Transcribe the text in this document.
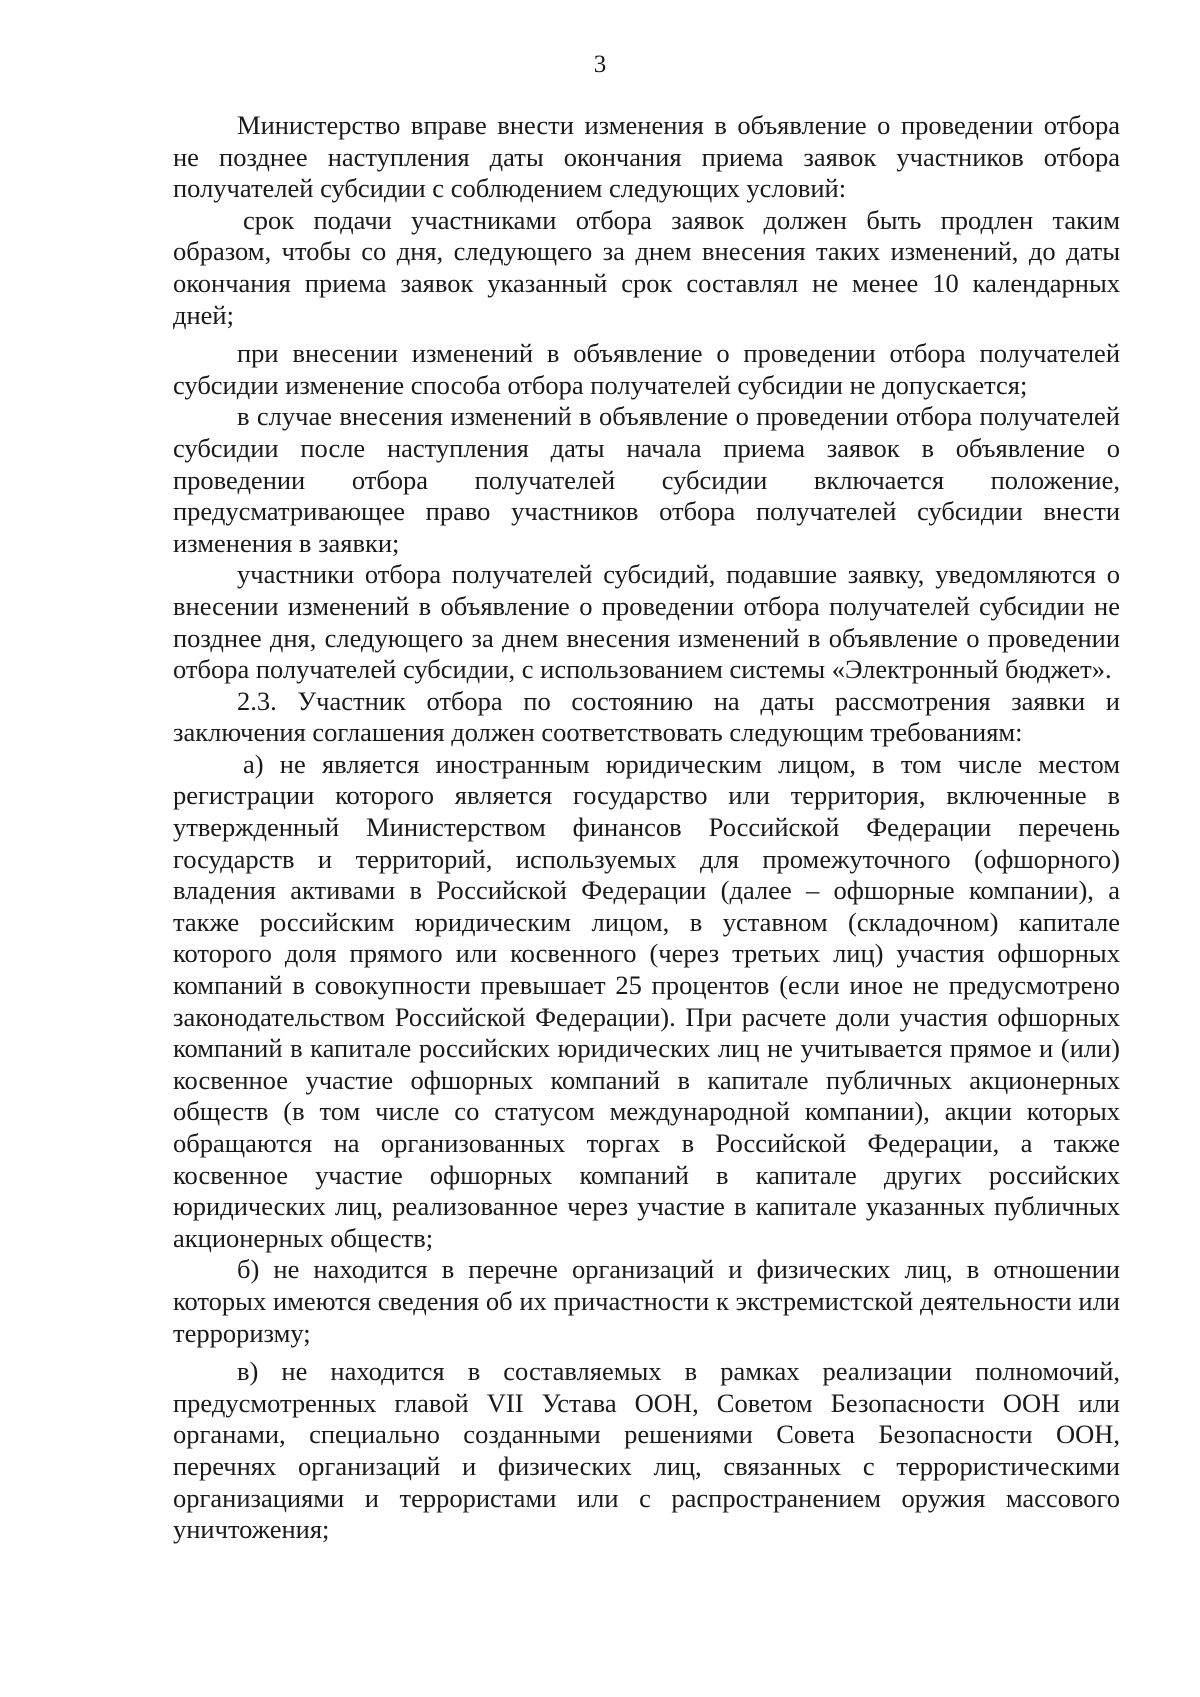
3

Министерство вправе внести изменения в объявление о проведении отбора не позднее наступления даты окончания приема заявок участников отбора получателей субсидии с соблюдением следующих условий:

срок подачи участниками отбора заявок должен быть продлен таким образом, чтобы со дня, следующего за днем внесения таких изменений, до даты окончания приема заявок указанный срок составлял не менее 10 календарных дней;

при внесении изменений в объявление о проведении отбора получателей субсидии изменение способа отбора получателей субсидии не допускается;

в случае внесения изменений в объявление о проведении отбора получателей субсидии после наступления даты начала приема заявок в объявление о проведении отбора получателей субсидии включается положение, предусматривающее право участников отбора получателей субсидии внести изменения в заявки;

участники отбора получателей субсидий, подавшие заявку, уведомляются о внесении изменений в объявление о проведении отбора получателей субсидии не позднее дня, следующего за днем внесения изменений в объявление о проведении отбора получателей субсидии, с использованием системы «Электронный бюджет».

2.3. Участник отбора по состоянию на даты рассмотрения заявки и заключения соглашения должен соответствовать следующим требованиям:

а) не является иностранным юридическим лицом, в том числе местом регистрации которого является государство или территория, включенные в утвержденный Министерством финансов Российской Федерации перечень государств и территорий, используемых для промежуточного (офшорного) владения активами в Российской Федерации (далее – офшорные компании), а также российским юридическим лицом, в уставном (складочном) капитале которого доля прямого или косвенного (через третьих лиц) участия офшорных компаний в совокупности превышает 25 процентов (если иное не предусмотрено законодательством Российской Федерации). При расчете доли участия офшорных компаний в капитале российских юридических лиц не учитывается прямое и (или) косвенное участие офшорных компаний в капитале публичных акционерных обществ (в том числе со статусом международной компании), акции которых обращаются на организованных торгах в Российской Федерации, а также косвенное участие офшорных компаний в капитале других российских юридических лиц, реализованное через участие в капитале указанных публичных акционерных обществ;

б) не находится в перечне организаций и физических лиц, в отношении которых имеются сведения об их причастности к экстремистской деятельности или терроризму;

в) не находится в составляемых в рамках реализации полномочий, предусмотренных главой VII Устава ООН, Советом Безопасности ООН или органами, специально созданными решениями Совета Безопасности ООН, перечнях организаций и физических лиц, связанных с террористическими организациями и террористами или с распространением оружия массового уничтожения;
